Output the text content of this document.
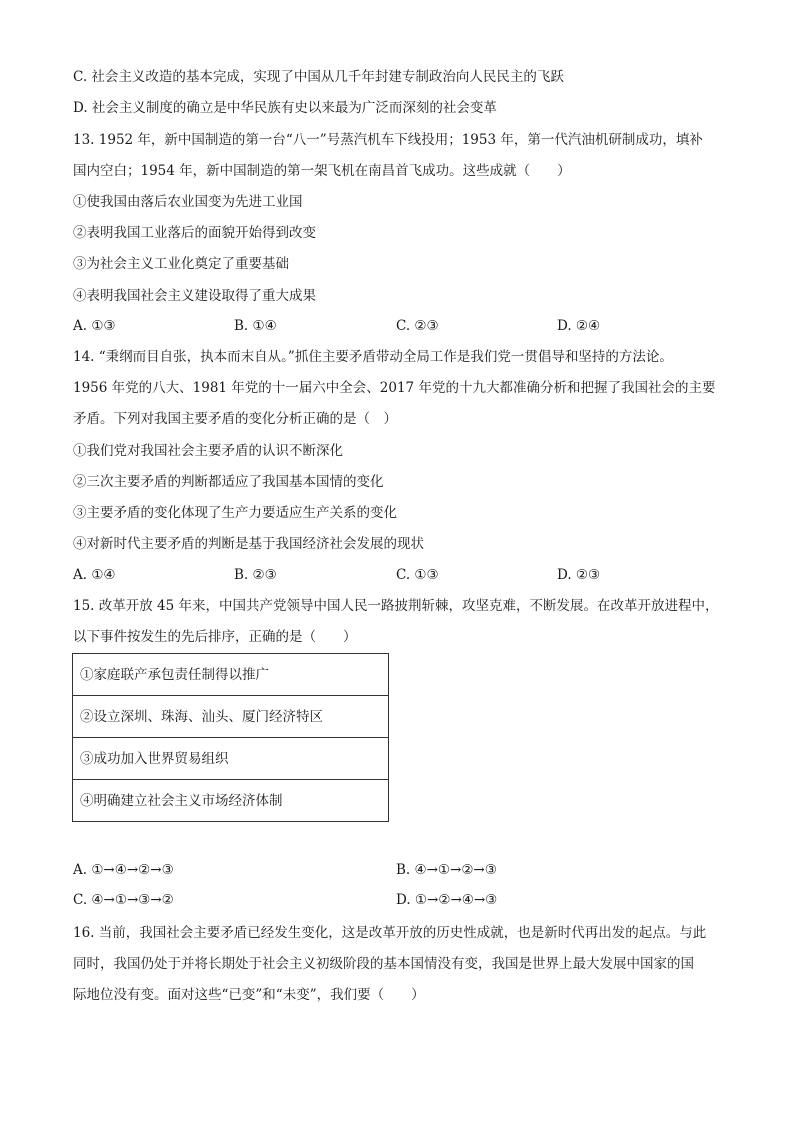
C. 社会主义改造的基本完成，实现了中国从几千年封建专制政治向人民民主的飞跃
D. 社会主义制度的确立是中华民族有史以来最为广泛而深刻的社会变革
13. 1952 年，新中国制造的第一台“八一”号蒸汽机车下线投用；1953 年，第一代汽油机研制成功，填补
国内空白；1954 年，新中国制造的第一架飞机在南昌首飞成功。这些成就（　　）
①使我国由落后农业国变为先进工业国
②表明我国工业落后的面貌开始得到改变
③为社会主义工业化奠定了重要基础
④表明我国社会主义建设取得了重大成果
A. ①③	B. ①④	C. ②③	D. ②④
14. “秉纲而目自张，执本而末自从。”抓住主要矛盾带动全局工作是我们党一贯倡导和坚持的方法论。
1956 年党的八大、1981 年党的十一届六中全会、2017 年党的十九大都准确分析和把握了我国社会的主要
矛盾。下列对我国主要矛盾的变化分析正确的是（　）
①我们党对我国社会主要矛盾的认识不断深化
②三次主要矛盾的判断都适应了我国基本国情的变化
③主要矛盾的变化体现了生产力要适应生产关系的变化
④对新时代主要矛盾的判断是基于我国经济社会发展的现状
A. ①④	B. ②③	C. ①③	D. ②③
15. 改革开放 45 年来，中国共产党领导中国人民一路披荆斩棘，攻坚克难，不断发展。在改革开放进程中，
以下事件按发生的先后排序，正确的是（　　）
①家庭联产承包责任制得以推广
②设立深圳、珠海、汕头、厦门经济特区
③成功加入世界贸易组织
④明确建立社会主义市场经济体制
A. ①→④→②→③	B. ④→①→②→③
C. ④→①→③→②	D. ①→②→④→③
16. 当前，我国社会主要矛盾已经发生变化，这是改革开放的历史性成就，也是新时代再出发的起点。与此
同时，我国仍处于并将长期处于社会主义初级阶段的基本国情没有变，我国是世界上最大发展中国家的国
际地位没有变。面对这些“已变”和“未变”，我们要（　　）
